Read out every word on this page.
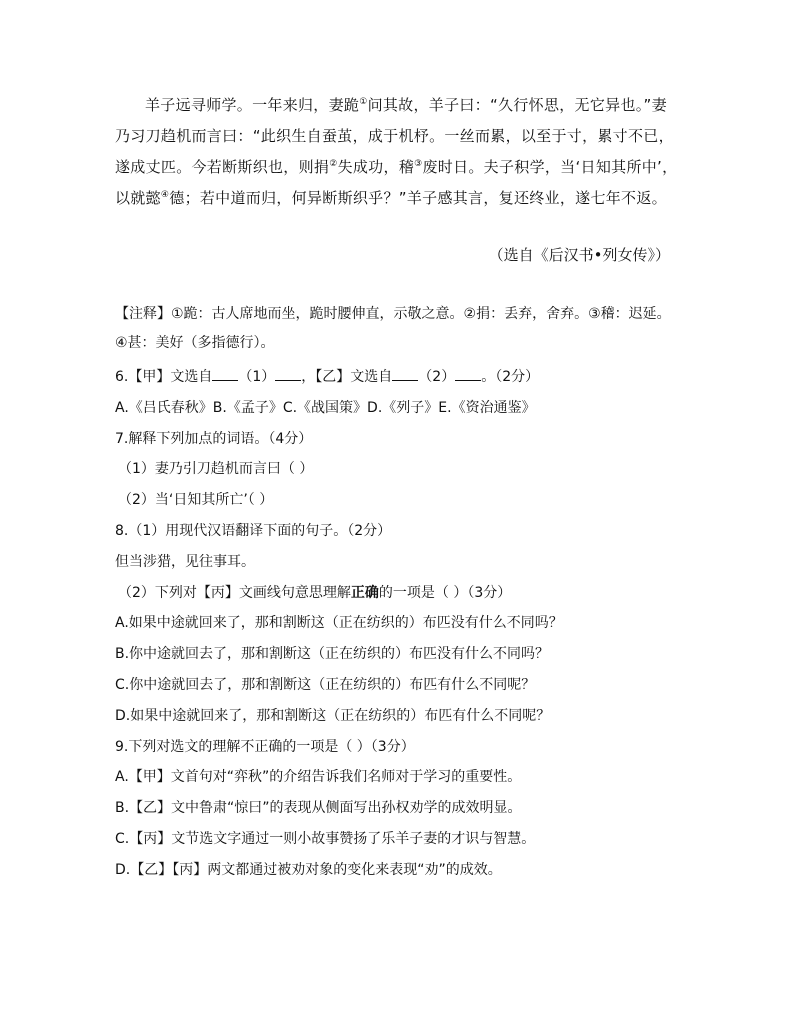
羊子远寻师学。一年来归，妻跪①问其故，羊子曰：“久行怀思，无它异也。”妻乃习刀趋机而言曰：“此织生自蚕茧，成于机杼。一丝而累，以至于寸，累寸不已，遂成丈匹。今若断斯织也，则捐②失成功，稽③废时日。夫子积学，当‘日知其所中’，以就懿④德；若中道而归，何异断斯织乎？”羊子感其言，复还终业，遂七年不返。

（选自《后汉书•列女传》）

【注释】①跪：古人席地而坐，跪时腰伸直，示敬之意。②捐：丢弃，舍弃。③稽：迟延。④甚：美好（多指德行）。

6.【甲】文选自 （1） ，【乙】文选自 （2） 。（2分）
A.《吕氏春秋》B.《孟子》C.《战国策》D.《列子》E.《资治通鉴》
7.解释下列加点的词语。（4分）
（1）妻乃引刀趋机而言曰（ ）
（2）当‘日知其所亡’（ ）
8.（1）用现代汉语翻译下面的句子。（2分）
但当涉猎，见往事耳。
（2）下列对【丙】文画线句意思理解正确的一项是（ ）（3分）
A.如果中途就回来了，那和割断这（正在纺织的）布匹没有什么不同吗？
B.你中途就回去了，那和割断这（正在纺织的）布匹没有什么不同吗？
C.你中途就回去了，那和割断这（正在纺织的）布匹有什么不同呢？
D.如果中途就回来了，那和割断这（正在纺织的）布匹有什么不同呢？
9.下列对选文的理解不正确的一项是（ ）（3分）
A.【甲】文首句对“弈秋”的介绍告诉我们名师对于学习的重要性。
B.【乙】文中鲁肃“惊曰”的表现从侧面写出孙权劝学的成效明显。
C.【丙】文节选文字通过一则小故事赞扬了乐羊子妻的才识与智慧。
D.【乙】【丙】两文都通过被劝对象的变化来表现“劝”的成效。
